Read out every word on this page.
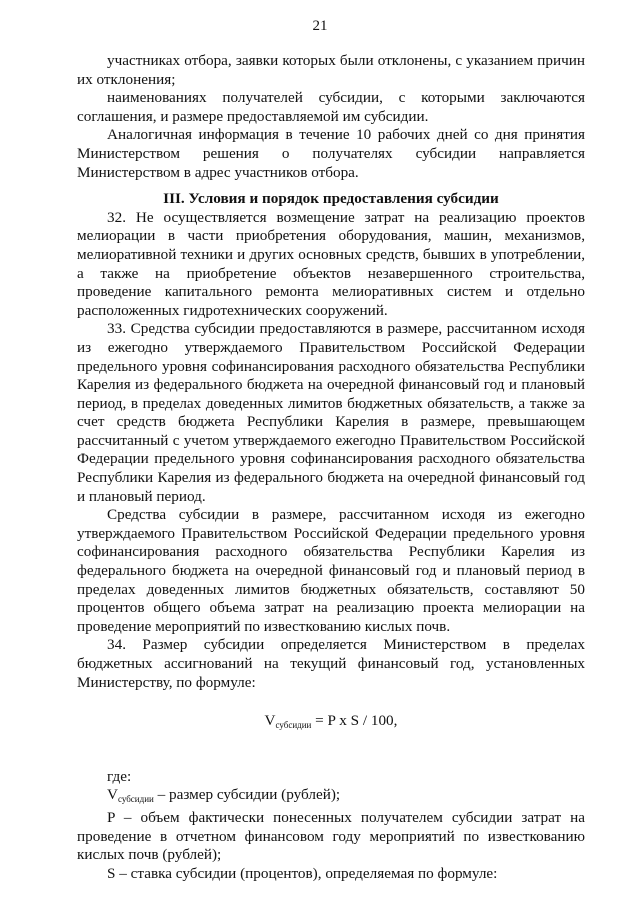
21

участниках отбора, заявки которых были отклонены, с указанием причин их отклонения;

наименованиях получателей субсидии, с которыми заключаются соглашения, и размере предоставляемой им субсидии.

Аналогичная информация в течение 10 рабочих дней со дня принятия Министерством решения о получателях субсидии направляется Министерством в адрес участников отбора.

III. Условия и порядок предоставления субсидии

32. Не осуществляется возмещение затрат на реализацию проектов мелиорации в части приобретения оборудования, машин, механизмов, мелиоративной техники и других основных средств, бывших в употреблении, а также на приобретение объектов незавершенного строительства, проведение капитального ремонта мелиоративных систем и отдельно расположенных гидротехнических сооружений.

33. Средства субсидии предоставляются в размере, рассчитанном исходя из ежегодно утверждаемого Правительством Российской Федерации предельного уровня софинансирования расходного обязательства Республики Карелия из федерального бюджета на очередной финансовый год и плановый период, в пределах доведенных лимитов бюджетных обязательств, а также за счет средств бюджета Республики Карелия в размере, превышающем рассчитанный с учетом утверждаемого ежегодно Правительством Российской Федерации предельного уровня софинансирования расходного обязательства Республики Карелия из федерального бюджета на очередной финансовый год и плановый период.

Средства субсидии в размере, рассчитанном исходя из ежегодно утверждаемого Правительством Российской Федерации предельного уровня софинансирования расходного обязательства Республики Карелия из федерального бюджета на очередной финансовый год и плановый период в пределах доведенных лимитов бюджетных обязательств, составляют 50 процентов общего объема затрат на реализацию проекта мелиорации на проведение мероприятий по известкованию кислых почв.

34. Размер субсидии определяется Министерством в пределах бюджетных ассигнований на текущий финансовый год, установленных Министерству, по формуле:

$V_{субсидии} = P$ x S / 100,

где:

$V_{субсидии}$ – размер субсидии (рублей);

P – объем фактически понесенных получателем субсидии затрат на проведение в отчетном финансовом году мероприятий по известкованию кислых почв (рублей);

S – ставка субсидии (процентов), определяемая по формуле:
